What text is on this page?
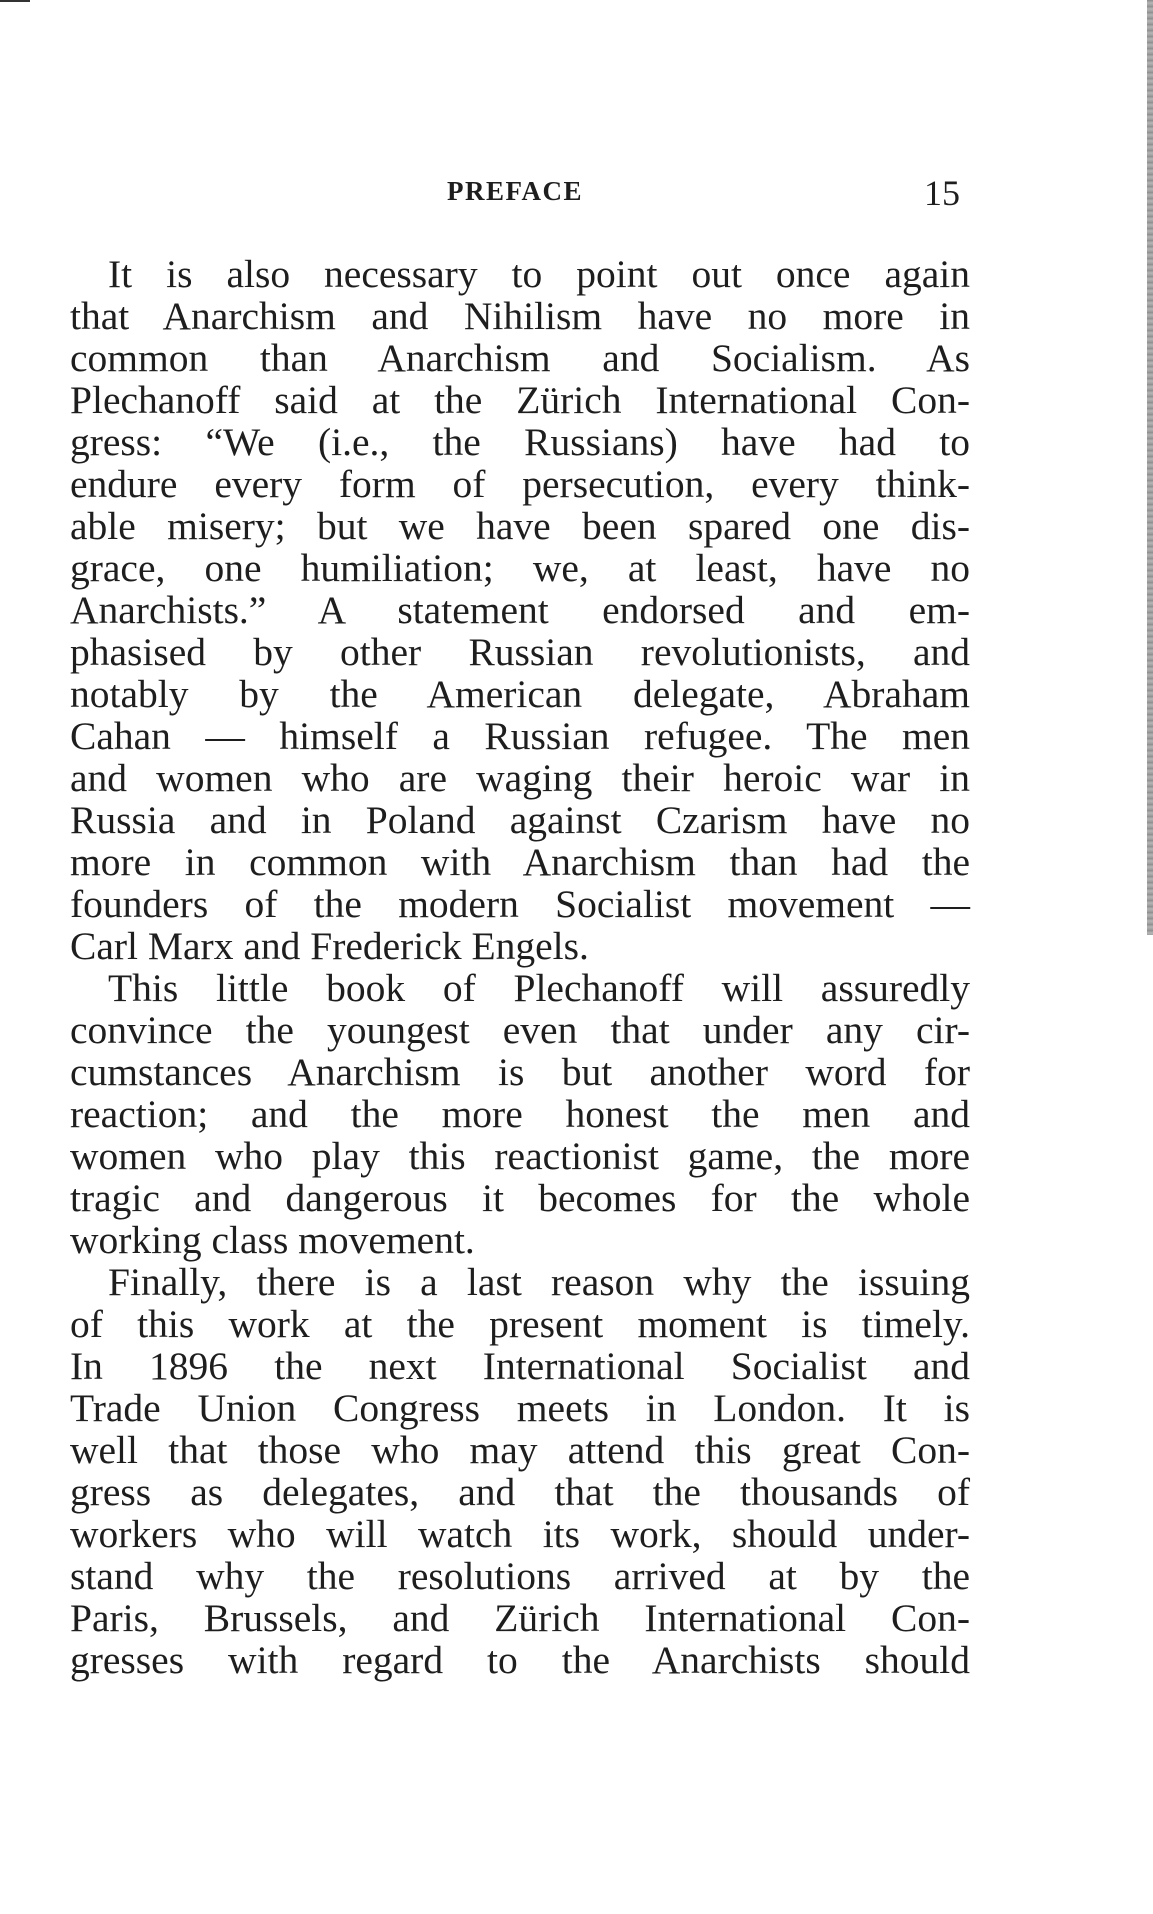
PREFACE	15
It is also necessary to point out once again
that Anarchism and Nihilism have no more in
common than Anarchism and Socialism. As
Plechanoff said at the Zürich International Con-
gress: “We (i.e., the Russians) have had to
endure every form of persecution, every think-
able misery; but we have been spared one dis-
grace, one humiliation; we, at least, have no
Anarchists.” A statement endorsed and em-
phasised by other Russian revolutionists, and
notably by the American delegate, Abraham
Cahan — himself a Russian refugee. The men
and women who are waging their heroic war in
Russia and in Poland against Czarism have no
more in common with Anarchism than had the
founders of the modern Socialist movement —
Carl Marx and Frederick Engels.
This little book of Plechanoff will assuredly
convince the youngest even that under any cir-
cumstances Anarchism is but another word for
reaction; and the more honest the men and
women who play this reactionist game, the more
tragic and dangerous it becomes for the whole
working class movement.
Finally, there is a last reason why the issuing
of this work at the present moment is timely.
In 1896 the next International Socialist and
Trade Union Congress meets in London. It is
well that those who may attend this great Con-
gress as delegates, and that the thousands of
workers who will watch its work, should under-
stand why the resolutions arrived at by the
Paris, Brussels, and Zürich International Con-
gresses with regard to the Anarchists should
